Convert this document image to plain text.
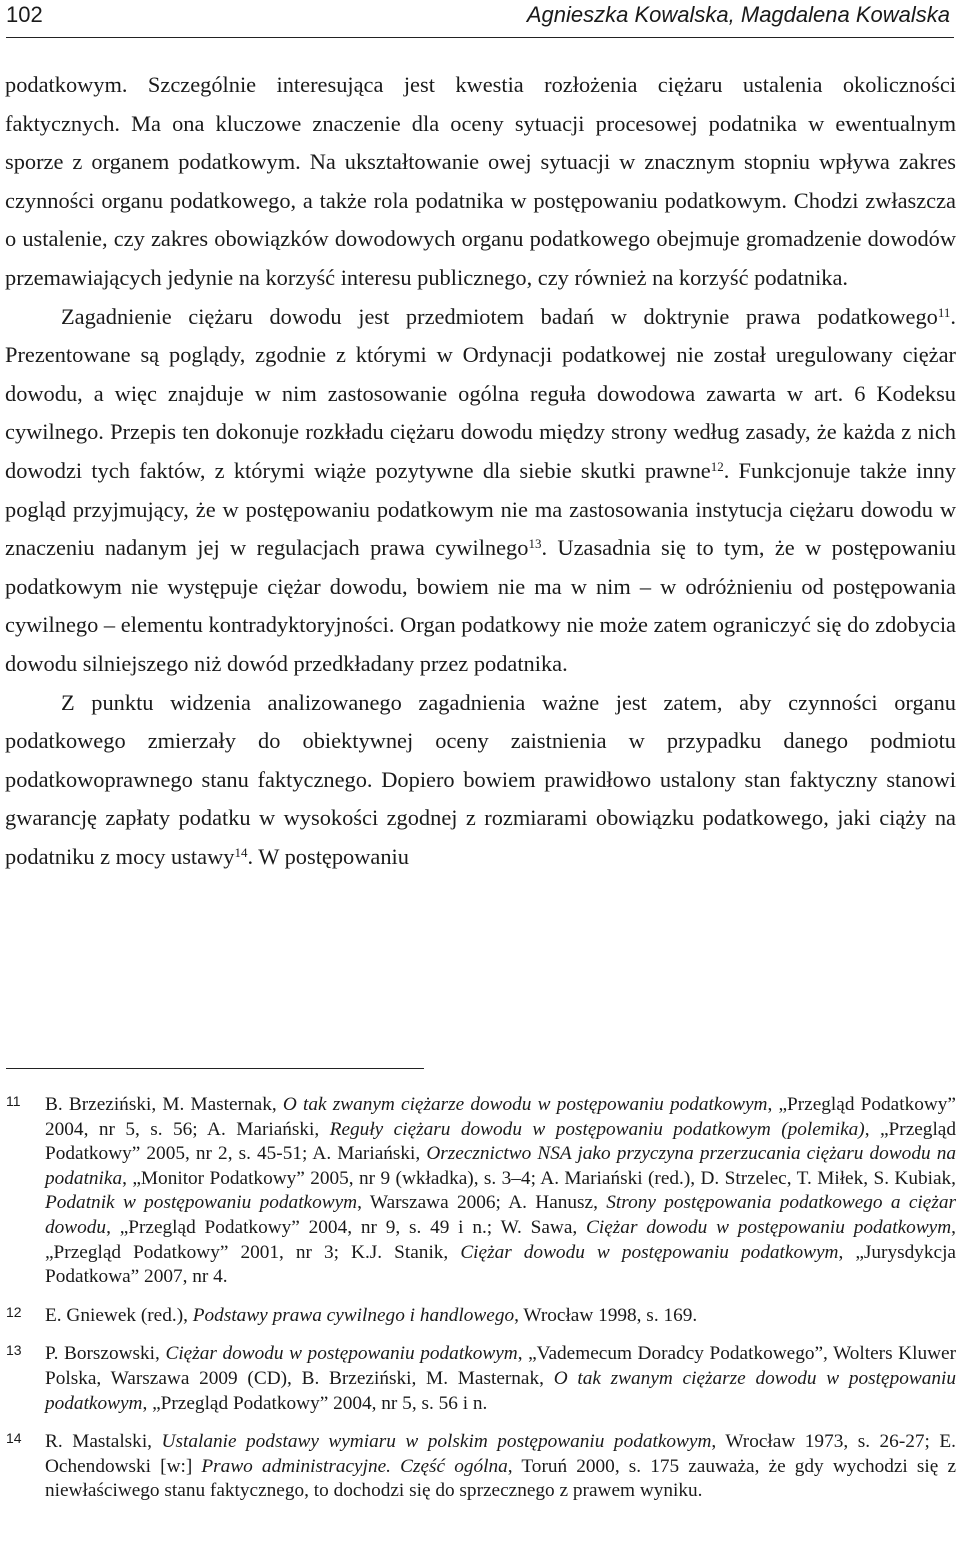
102	Agnieszka Kowalska, Magdalena Kowalska

podatkowym. Szczególnie interesująca jest kwestia rozłożenia ciężaru ustalenia okoliczności faktycznych. Ma ona kluczowe znaczenie dla oceny sytuacji procesowej podatnika w ewentualnym sporze z organem podatkowym. Na ukształtowanie owej sytuacji w znacznym stopniu wpływa zakres czynności organu podatkowego, a także rola podatnika w postępowaniu podatkowym. Chodzi zwłaszcza o ustalenie, czy zakres obowiązków dowodowych organu podatkowego obejmuje gromadzenie dowodów przemawiających jedynie na korzyść interesu publicznego, czy również na korzyść podatnika.

Zagadnienie ciężaru dowodu jest przedmiotem badań w doktrynie prawa podatkowego$^{11}$. Prezentowane są poglądy, zgodnie z którymi w Ordynacji podatkowej nie został uregulowany ciężar dowodu, a więc znajduje w nim zastosowanie ogólna reguła dowodowa zawarta w art. 6 Kodeksu cywilnego. Przepis ten dokonuje rozkładu ciężaru dowodu między strony według zasady, że każda z nich dowodzi tych faktów, z którymi wiąże pozytywne dla siebie skutki prawne$^{12}$. Funkcjonuje także inny pogląd przyjmujący, że w postępowaniu podatkowym nie ma zastosowania instytucja ciężaru dowodu w znaczeniu nadanym jej w regulacjach prawa cywilnego$^{13}$. Uzasadnia się to tym, że w postępowaniu podatkowym nie występuje ciężar dowodu, bowiem nie ma w nim – w odróżnieniu od postępowania cywilnego – elementu kontradyktoryjności. Organ podatkowy nie może zatem ograniczyć się do zdobycia dowodu silniejszego niż dowód przedkładany przez podatnika.

Z punktu widzenia analizowanego zagadnienia ważne jest zatem, aby czynności organu podatkowego zmierzały do obiektywnej oceny zaistnienia w przypadku danego podmiotu podatkowoprawnego stanu faktycznego. Dopiero bowiem prawidłowo ustalony stan faktyczny stanowi gwarancję zapłaty podatku w wysokości zgodnej z rozmiarami obowiązku podatkowego, jaki ciąży na podatniku z mocy ustawy$^{14}$. W postępowaniu

11 B. Brzeziński, M. Masternak, O tak zwanym ciężarze dowodu w postępowaniu podatkowym, „Przegląd Podatkowy” 2004, nr 5, s. 56; A. Mariański, Reguły ciężaru dowodu w postępowaniu podatkowym (polemika), „Przegląd Podatkowy” 2005, nr 2, s. 45-51; A. Mariański, Orzecznictwo NSA jako przyczyna przerzucania ciężaru dowodu na podatnika, „Monitor Podatkowy” 2005, nr 9 (wkładka), s. 3–4; A. Mariański (red.), D. Strzelec, T. Miłek, S. Kubiak, Podatnik w postępowaniu podatkowym, Warszawa 2006; A. Hanusz, Strony postępowania podatkowego a ciężar dowodu, „Przegląd Podatkowy” 2004, nr 9, s. 49 i n.; W. Sawa, Ciężar dowodu w postępowaniu podatkowym, „Przegląd Podatkowy” 2001, nr 3; K.J. Stanik, Ciężar dowodu w postępowaniu podatkowym, „Jurysdykcja Podatkowa” 2007, nr 4.
12 E. Gniewek (red.), Podstawy prawa cywilnego i handlowego, Wrocław 1998, s. 169.
13 P. Borszowski, Ciężar dowodu w postępowaniu podatkowym, „Vademecum Doradcy Podatkowego”, Wolters Kluwer Polska, Warszawa 2009 (CD), B. Brzeziński, M. Masternak, O tak zwanym ciężarze dowodu w postępowaniu podatkowym, „Przegląd Podatkowy” 2004, nr 5, s. 56 i n.
14 R. Mastalski, Ustalanie podstawy wymiaru w polskim postępowaniu podatkowym, Wrocław 1973, s. 26-27; E. Ochendowski [w:] Prawo administracyjne. Część ogólna, Toruń 2000, s. 175 zauważa, że gdy wychodzi się z niewłaściwego stanu faktycznego, to dochodzi się do sprzecznego z prawem wyniku.
